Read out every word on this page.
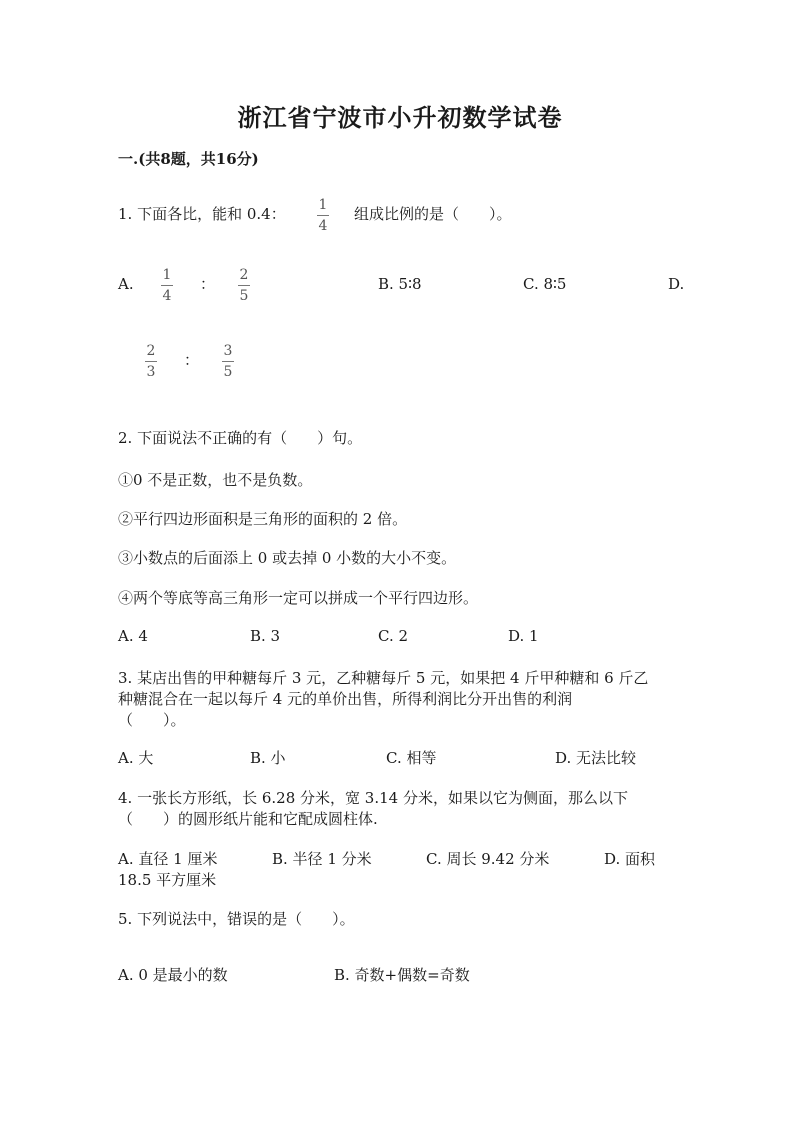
浙江省宁波市小升初数学试卷
一.(共8题，共16分)
1. 下面各比，能和 0.4： 1
4
组成比例的是（　　）。
A. 1
4
： 2
5
B. 5∶8	C. 8∶5	D.
2
3
： 3
5
2. 下面说法不正确的有（　　）句。
①0 不是正数，也不是负数。
②平行四边形面积是三角形的面积的 2 倍。
③小数点的后面添上 0 或去掉 0 小数的大小不变。
④两个等底等高三角形一定可以拼成一个平行四边形。
A. 4	B. 3	C. 2	D. 1
3. 某店出售的甲种糖每斤 3 元，乙种糖每斤 5 元，如果把 4 斤甲种糖和 6 斤乙
种糖混合在一起以每斤 4 元的单价出售，所得利润比分开出售的利润
（　　）。
A. 大	B. 小	C. 相等	D. 无法比较
4. 一张长方形纸，长 6.28 分米，宽 3.14 分米，如果以它为侧面，那么以下
（　　）的圆形纸片能和它配成圆柱体.
A. 直径 1 厘米	B. 半径 1 分米	C. 周长 9.42 分米	D. 面积
18.5 平方厘米
5. 下列说法中，错误的是（　　）。
A. 0 是最小的数	B. 奇数+偶数=奇数
